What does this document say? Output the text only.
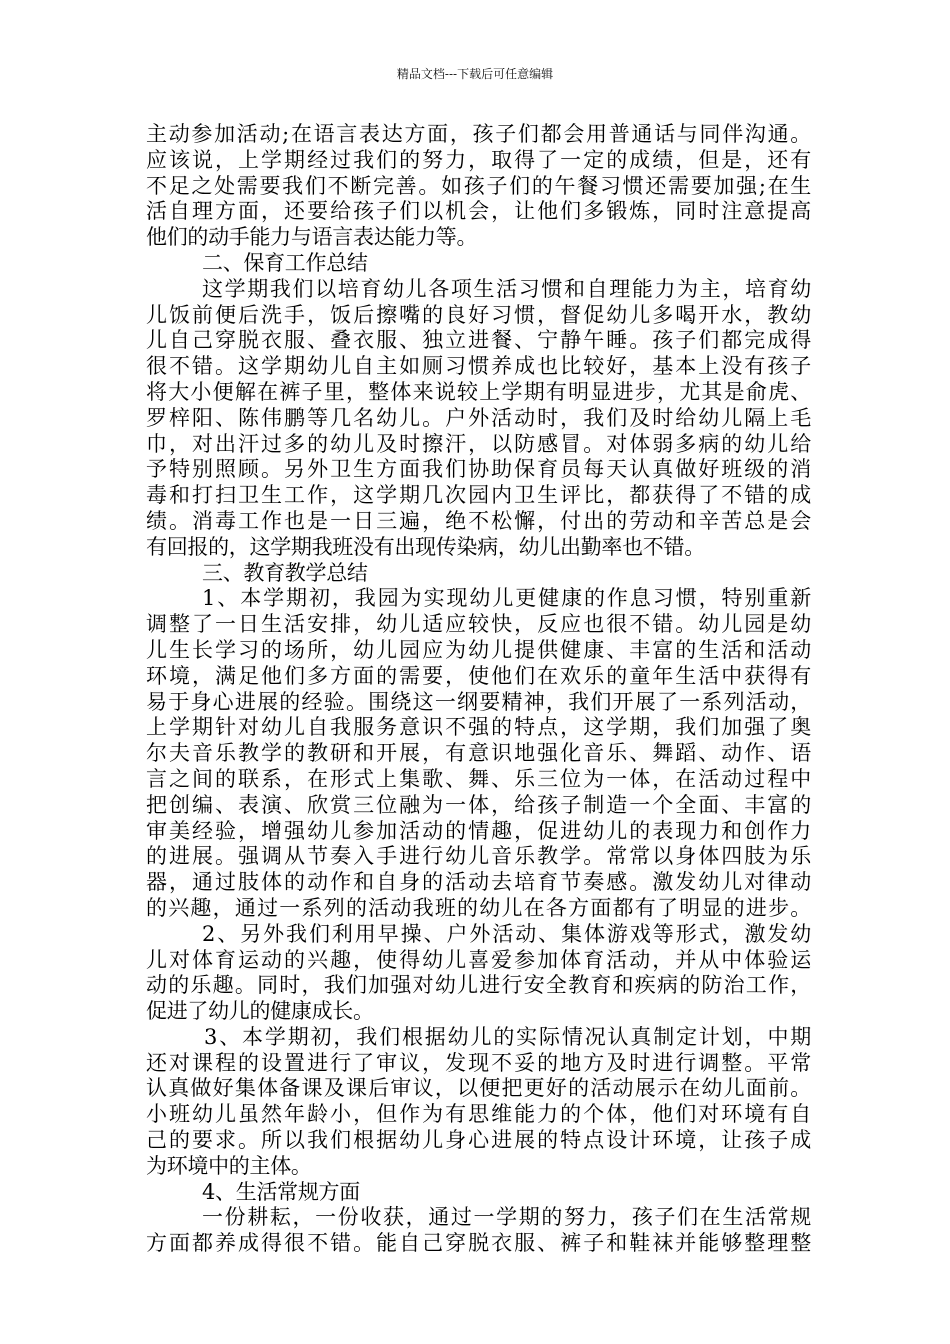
精品文档---下载后可任意编辑
主动参加活动;在语言表达方面，孩子们都会用普通话与同伴沟通。
应该说，上学期经过我们的努力，取得了一定的成绩，但是，还有
不足之处需要我们不断完善。如孩子们的午餐习惯还需要加强;在生
活自理方面，还要给孩子们以机会，让他们多锻炼，同时注意提高
他们的动手能力与语言表达能力等。
二、保育工作总结
这学期我们以培育幼儿各项生活习惯和自理能力为主，培育幼
儿饭前便后洗手，饭后擦嘴的良好习惯，督促幼儿多喝开水，教幼
儿自己穿脱衣服、叠衣服、独立进餐、宁静午睡。孩子们都完成得
很不错。这学期幼儿自主如厕习惯养成也比较好，基本上没有孩子
将大小便解在裤子里，整体来说较上学期有明显进步，尤其是俞虎、
罗梓阳、陈伟鹏等几名幼儿。户外活动时，我们及时给幼儿隔上毛
巾，对出汗过多的幼儿及时擦汗，以防感冒。对体弱多病的幼儿给
予特别照顾。另外卫生方面我们协助保育员每天认真做好班级的消
毒和打扫卫生工作，这学期几次园内卫生评比，都获得了不错的成
绩。消毒工作也是一日三遍，绝不松懈，付出的劳动和辛苦总是会
有回报的，这学期我班没有出现传染病，幼儿出勤率也不错。
三、教育教学总结
1、本学期初，我园为实现幼儿更健康的作息习惯，特别重新
调整了一日生活安排，幼儿适应较快，反应也很不错。幼儿园是幼
儿生长学习的场所，幼儿园应为幼儿提供健康、丰富的生活和活动
环境，满足他们多方面的需要，使他们在欢乐的童年生活中获得有
易于身心进展的经验。围绕这一纲要精神，我们开展了一系列活动，
上学期针对幼儿自我服务意识不强的特点，这学期，我们加强了奥
尔夫音乐教学的教研和开展，有意识地强化音乐、舞蹈、动作、语
言之间的联系，在形式上集歌、舞、乐三位为一体，在活动过程中
把创编、表演、欣赏三位融为一体，给孩子制造一个全面、丰富的
审美经验，增强幼儿参加活动的情趣，促进幼儿的表现力和创作力
的进展。强调从节奏入手进行幼儿音乐教学。常常以身体四肢为乐
器，通过肢体的动作和自身的活动去培育节奏感。激发幼儿对律动
的兴趣，通过一系列的活动我班的幼儿在各方面都有了明显的进步。
2、另外我们利用早操、户外活动、集体游戏等形式，激发幼
儿对体育运动的兴趣，使得幼儿喜爱参加体育活动，并从中体验运
动的乐趣。同时，我们加强对幼儿进行安全教育和疾病的防治工作，
促进了幼儿的健康成长。
3、本学期初，我们根据幼儿的实际情况认真制定计划，中期
还对课程的设置进行了审议，发现不妥的地方及时进行调整。平常
认真做好集体备课及课后审议，以便把更好的活动展示在幼儿面前。
小班幼儿虽然年龄小，但作为有思维能力的个体，他们对环境有自
己的要求。所以我们根据幼儿身心进展的特点设计环境，让孩子成
为环境中的主体。
4、生活常规方面
一份耕耘，一份收获，通过一学期的努力，孩子们在生活常规
方面都养成得很不错。能自己穿脱衣服、裤子和鞋袜并能够整理整
